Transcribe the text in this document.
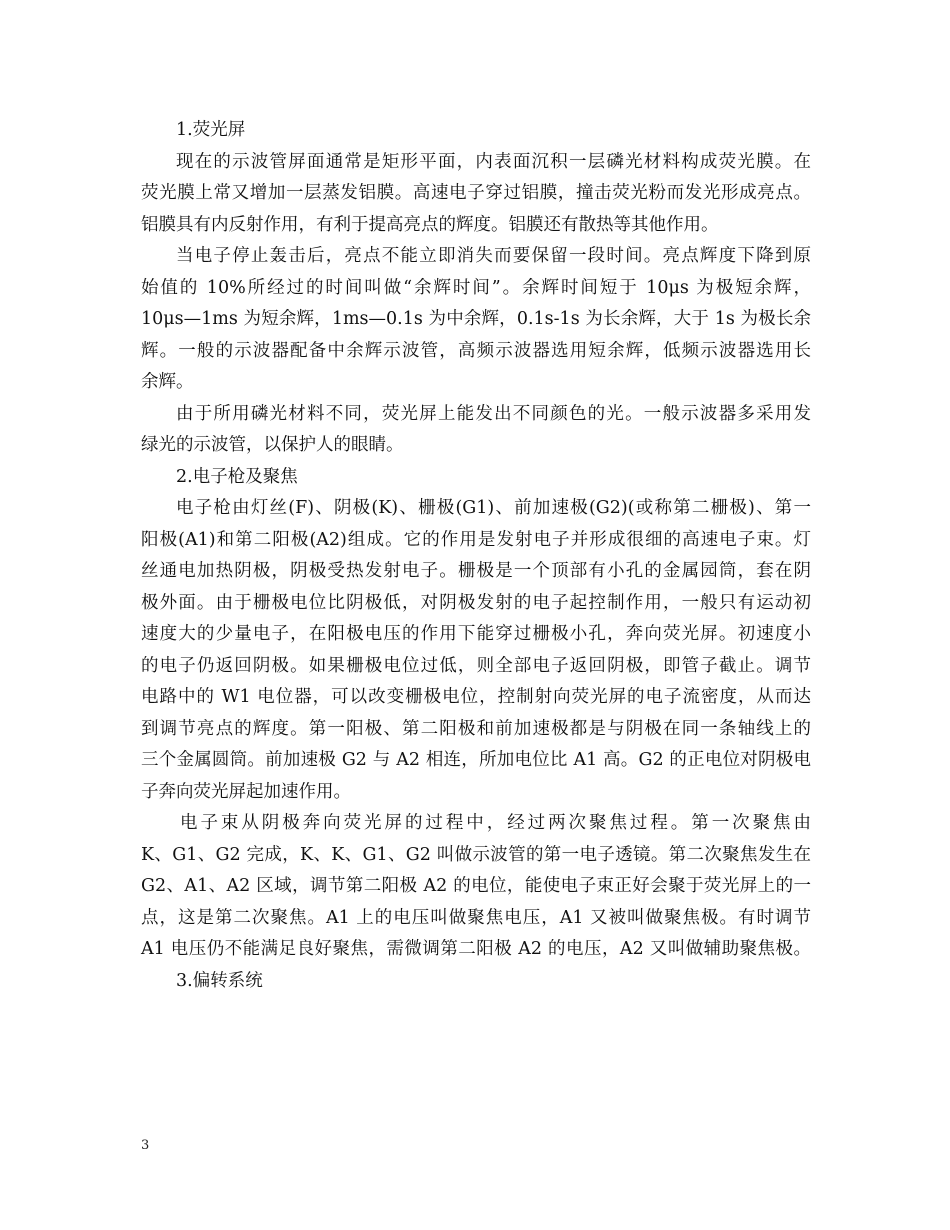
1.荧光屏
现在的示波管屏面通常是矩形平面，内表面沉积一层磷光材料构成荧光膜。在
荧光膜上常又增加一层蒸发铝膜。高速电子穿过铝膜，撞击荧光粉而发光形成亮点。
铝膜具有内反射作用，有利于提高亮点的辉度。铝膜还有散热等其他作用。
当电子停止轰击后，亮点不能立即消失而要保留一段时间。亮点辉度下降到原
始值的 10%所经过的时间叫做“余辉时间”。余辉时间短于 10μs 为极短余辉，
10μs—1ms 为短余辉，1ms—0.1s 为中余辉，0.1s-1s 为长余辉，大于 1s 为极长余
辉。一般的示波器配备中余辉示波管，高频示波器选用短余辉，低频示波器选用长
余辉。
由于所用磷光材料不同，荧光屏上能发出不同颜色的光。一般示波器多采用发
绿光的示波管，以保护人的眼睛。
2.电子枪及聚焦
电子枪由灯丝(F)、阴极(K)、栅极(G1)、前加速极(G2)(或称第二栅极)、第一
阳极(A1)和第二阳极(A2)组成。它的作用是发射电子并形成很细的高速电子束。灯
丝通电加热阴极，阴极受热发射电子。栅极是一个顶部有小孔的金属园筒，套在阴
极外面。由于栅极电位比阴极低，对阴极发射的电子起控制作用，一般只有运动初
速度大的少量电子，在阳极电压的作用下能穿过栅极小孔，奔向荧光屏。初速度小
的电子仍返回阴极。如果栅极电位过低，则全部电子返回阴极，即管子截止。调节
电路中的 W1 电位器，可以改变栅极电位，控制射向荧光屏的电子流密度，从而达
到调节亮点的辉度。第一阳极、第二阳极和前加速极都是与阴极在同一条轴线上的
三个金属圆筒。前加速极 G2 与 A2 相连，所加电位比 A1 高。G2 的正电位对阴极电
子奔向荧光屏起加速作用。
电子束从阴极奔向荧光屏的过程中，经过两次聚焦过程。第一次聚焦由
K、G1、G2 完成，K、K、G1、G2 叫做示波管的第一电子透镜。第二次聚焦发生在
G2、A1、A2 区域，调节第二阳极 A2 的电位，能使电子束正好会聚于荧光屏上的一
点，这是第二次聚焦。A1 上的电压叫做聚焦电压，A1 又被叫做聚焦极。有时调节
A1 电压仍不能满足良好聚焦，需微调第二阳极 A2 的电压，A2 又叫做辅助聚焦极。
3.偏转系统
3
